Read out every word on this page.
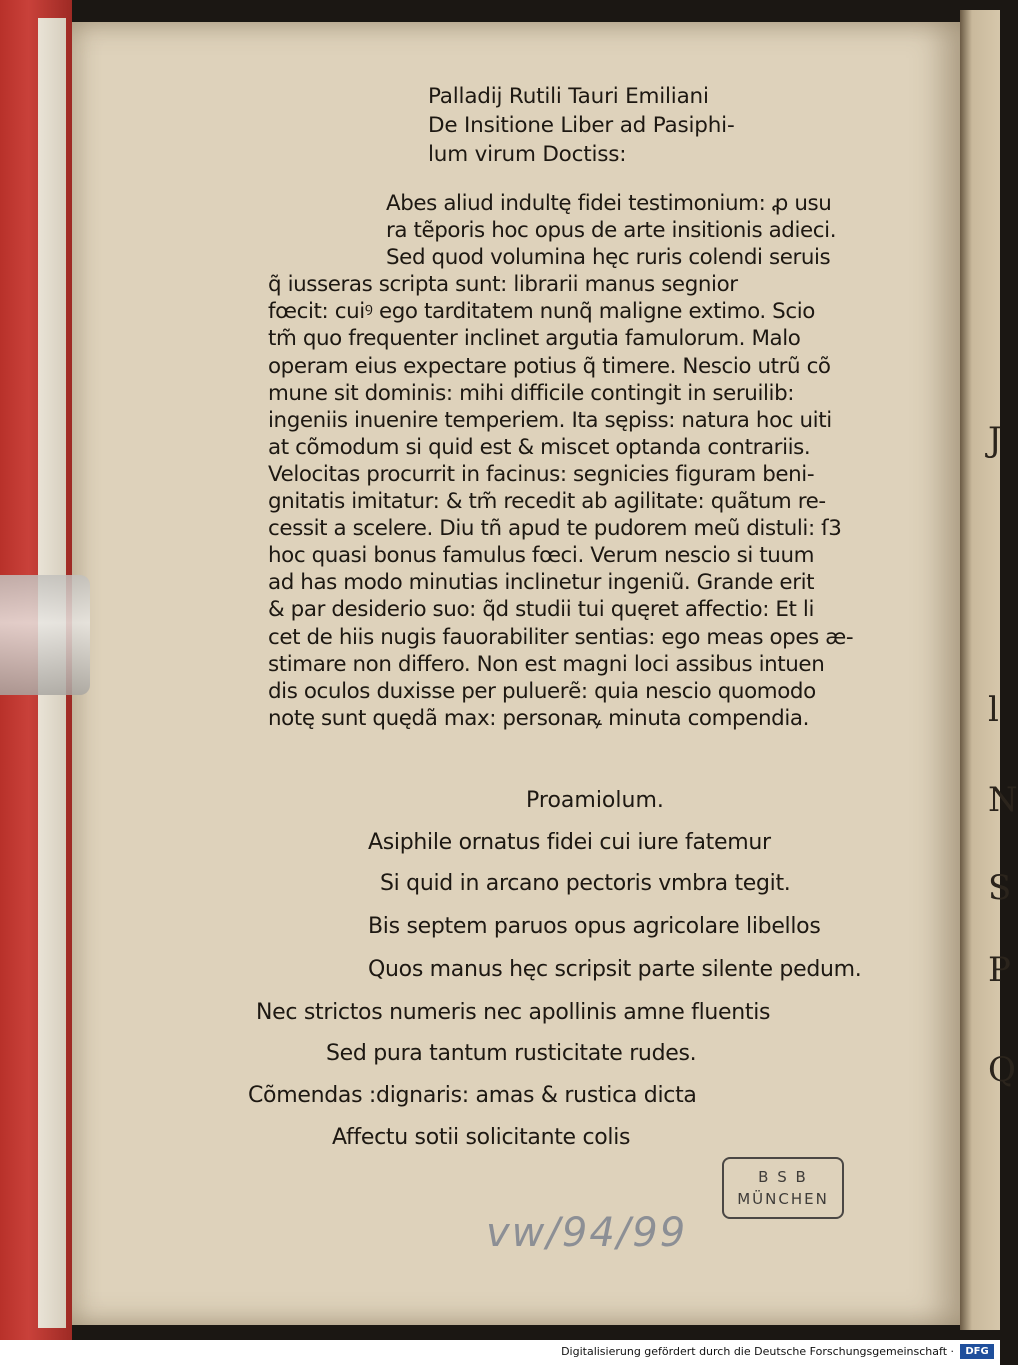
J
l
N
S
P
Q
Palladij Rutili Tauri Emiliani
De Insitione Liber ad Pasiphi-
lum virum Doctiss:
Abes aliud indultę fidei testimonium: ꝓ usu
ra tẽporis hoc opus de arte insitionis adieci.
Sed quod volumina hęc ruris colendi seruis
q̃ iusseras scripta sunt: librarii manus segnior
fœcit: cuiꝰ ego tarditatem nunq̃ maligne extimo. Scio
tm̃ quo frequenter inclinet argutia famulorum. Malo
operam eius expectare potius q̃ timere. Nescio utrũ cõ
mune sit dominis: mihi difficile contingit in seruilib:
ingeniis inuenire temperiem. Ita sępiss: natura hoc uiti
at cõmodum si quid est & miscet optanda contrariis.
Velocitas procurrit in facinus: segnicies figuram beni-
gnitatis imitatur: & tm̃ recedit ab agilitate: quãtum re-
cessit a scelere. Diu tñ apud te pudorem meũ distuli: ſ3
hoc quasi bonus famulus fœci. Verum nescio si tuum
ad has modo minutias inclinetur ingeniũ. Grande erit
& par desiderio suo: q̃d studii tui quęret affectio: Et li
cet de hiis nugis fauorabiliter sentias: ego meas opes æ-
stimare non differo. Non est magni loci assibus intuen
dis oculos duxisse per puluerẽ: quia nescio quomodo
notę sunt quędã max: personaꝶ minuta compendia.
Proamiolum.
Asiphile ornatus fidei cui iure fatemur
Si quid in arcano pectoris vmbra tegit.
Bis septem paruos opus agricolare libellos
Quos manus hęc scripsit parte silente pedum.
Nec strictos numeris nec apollinis amne fluentis
Sed pura tantum rusticitate rudes.
Cõmendas :dignaris: amas & rustica dicta
Affectu sotii solicitante colis
B S B
MÜNCHEN
vw/94/99
Digitalisierung gefördert durch die Deutsche Forschungsgemeinschaft ·	DFG
